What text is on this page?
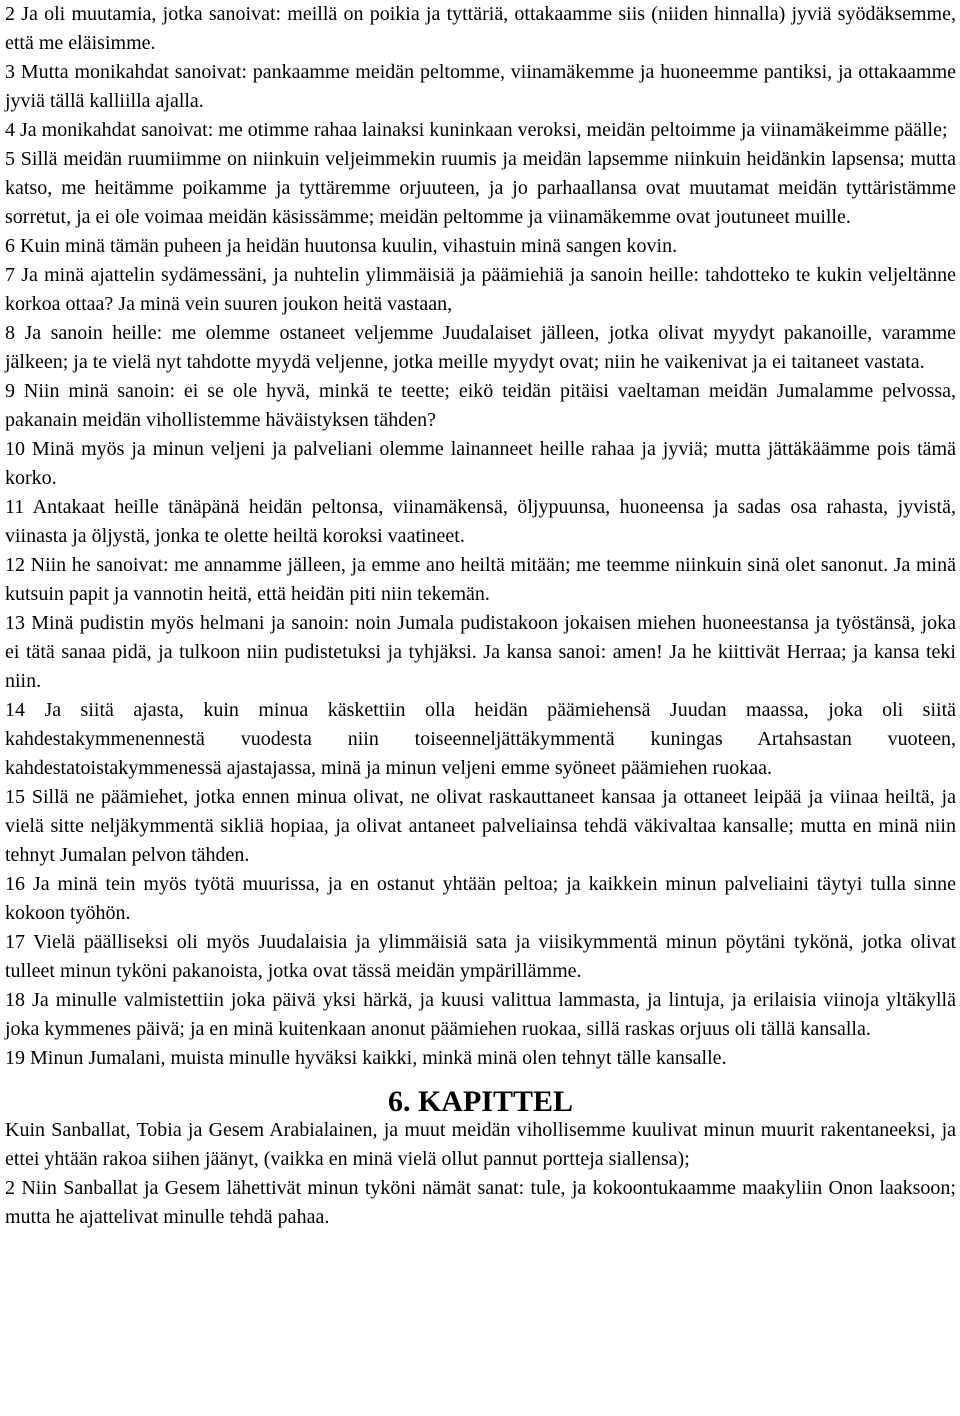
2 Ja oli muutamia, jotka sanoivat: meillä on poikia ja tyttäriä, ottakaamme siis (niiden hinnalla) jyviä syödäksemme, että me eläisimme.

3 Mutta monikahdat sanoivat: pankaamme meidän peltomme, viinamäkemme ja huoneemme pantiksi, ja ottakaamme jyviä tällä kalliilla ajalla.

4 Ja monikahdat sanoivat: me otimme rahaa lainaksi kuninkaan veroksi, meidän peltoimme ja viinamäkeimme päälle;

5 Sillä meidän ruumiimme on niinkuin veljeimmekin ruumis ja meidän lapsemme niinkuin heidänkin lapsensa; mutta katso, me heitämme poikamme ja tyttäremme orjuuteen, ja jo parhaallansa ovat muutamat meidän tyttäristämme sorretut, ja ei ole voimaa meidän käsissämme; meidän peltomme ja viinamäkemme ovat joutuneet muille.

6 Kuin minä tämän puheen ja heidän huutonsa kuulin, vihastuin minä sangen kovin.

7 Ja minä ajattelin sydämessäni, ja nuhtelin ylimmäisiä ja päämiehiä ja sanoin heille: tahdotteko te kukin veljeltänne korkoa ottaa? Ja minä vein suuren joukon heitä vastaan,

8 Ja sanoin heille: me olemme ostaneet veljemme Juudalaiset jälleen, jotka olivat myydyt pakanoille, varamme jälkeen; ja te vielä nyt tahdotte myydä veljenne, jotka meille myydyt ovat; niin he vaikenivat ja ei taitaneet vastata.

9 Niin minä sanoin: ei se ole hyvä, minkä te teette; eikö teidän pitäisi vaeltaman meidän Jumalamme pelvossa, pakanain meidän vihollistemme häväistyksen tähden?

10 Minä myös ja minun veljeni ja palveliani olemme lainanneet heille rahaa ja jyviä; mutta jättäkäämme pois tämä korko.

11 Antakaat heille tänäpänä heidän peltonsa, viinamäkensä, öljypuunsa, huoneensa ja sadas osa rahasta, jyvistä, viinasta ja öljystä, jonka te olette heiltä koroksi vaatineet.

12 Niin he sanoivat: me annamme jälleen, ja emme ano heiltä mitään; me teemme niinkuin sinä olet sanonut. Ja minä kutsuin papit ja vannotin heitä, että heidän piti niin tekemän.

13 Minä pudistin myös helmani ja sanoin: noin Jumala pudistakoon jokaisen miehen huoneestansa ja työstänsä, joka ei tätä sanaa pidä, ja tulkoon niin pudistetuksi ja tyhjäksi. Ja kansa sanoi: amen! Ja he kiittivät Herraa; ja kansa teki niin.

14 Ja siitä ajasta, kuin minua käskettiin olla heidän päämiehensä Juudan maassa, joka oli siitä kahdestakymmenennestä vuodesta niin toiseenneljättäkymmentä kuningas Artahsastan vuoteen, kahdestatoistakymmenessä ajastajassa, minä ja minun veljeni emme syöneet päämiehen ruokaa.

15 Sillä ne päämiehet, jotka ennen minua olivat, ne olivat raskauttaneet kansaa ja ottaneet leipää ja viinaa heiltä, ja vielä sitte neljäkymmentä sikliä hopiaa, ja olivat antaneet palveliainsa tehdä väkivaltaa kansalle; mutta en minä niin tehnyt Jumalan pelvon tähden.

16 Ja minä tein myös työtä muurissa, ja en ostanut yhtään peltoa; ja kaikkein minun palveliaini täytyi tulla sinne kokoon työhön.

17 Vielä päälliseksi oli myös Juudalaisia ja ylimmäisiä sata ja viisikymmentä minun pöytäni tykönä, jotka olivat tulleet minun tyköni pakanoista, jotka ovat tässä meidän ympärillämme.

18 Ja minulle valmistettiin joka päivä yksi härkä, ja kuusi valittua lammasta, ja lintuja, ja erilaisia viinoja yltäkyllä joka kymmenes päivä; ja en minä kuitenkaan anonut päämiehen ruokaa, sillä raskas orjuus oli tällä kansalla.

19 Minun Jumalani, muista minulle hyväksi kaikki, minkä minä olen tehnyt tälle kansalle.

6. KAPITTEL

Kuin Sanballat, Tobia ja Gesem Arabialainen, ja muut meidän vihollisemme kuulivat minun muurit rakentaneeksi, ja ettei yhtään rakoa siihen jäänyt, (vaikka en minä vielä ollut pannut portteja siallensa);

2 Niin Sanballat ja Gesem lähettivät minun tyköni nämät sanat: tule, ja kokoontukaamme maakyliin Onon laaksoon; mutta he ajattelivat minulle tehdä pahaa.
